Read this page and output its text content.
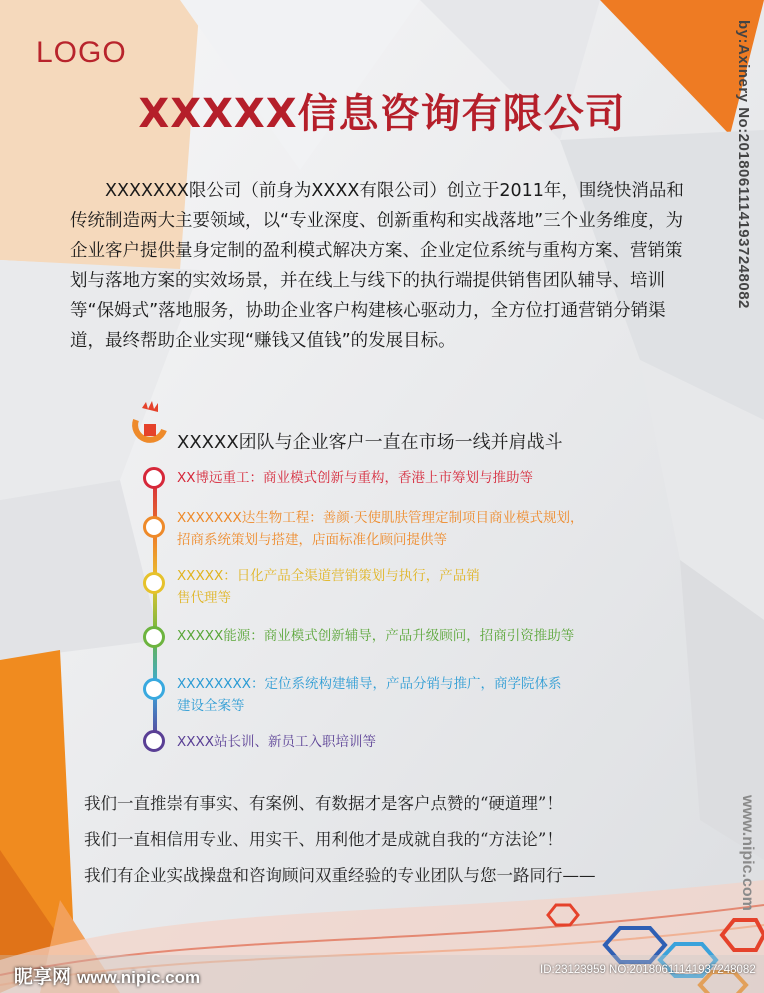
LOGO
XXXXX信息咨询有限公司

XXXXXXX限公司（前身为XXXX有限公司）创立于2011年，围绕快消品和传统制造两大主要领域，以“专业深度、创新重构和实战落地”三个业务维度，为企业客户提供量身定制的盈利模式解决方案、企业定位系统与重构方案、营销策划与落地方案的实效场景，并在线上与线下的执行端提供销售团队辅导、培训等“保姆式”落地服务，协助企业客户构建核心驱动力，全方位打通营销分销渠道，最终帮助企业实现“赚钱又值钱”的发展目标。

XXXXX团队与企业客户一直在市场一线并肩战斗
XX博远重工：商业模式创新与重构，香港上市筹划与推助等
XXXXXXX达生物工程：善颜·天使肌肤管理定制项目商业模式规划，
招商系统策划与搭建，店面标准化顾问提供等
XXXXX：日化产品全渠道营销策划与执行，产品销
售代理等
XXXXX能源：商业模式创新辅导，产品升级顾问，招商引资推助等
XXXXXXXX：定位系统构建辅导，产品分销与推广，商学院体系
建设全案等
XXXX站长训、新员工入职培训等
我们一直推崇有事实、有案例、有数据才是客户点赞的“硬道理”！
我们一直相信用专业、用实干、用利他才是成就自我的“方法论”！
我们有企业实战操盘和咨询顾问双重经验的专业团队与您一路同行——
by:Axinery No:20180611141937248082
www.nipic.com
昵享网 www.nipic.com	ID:23123959 NO:20180611141937248082
